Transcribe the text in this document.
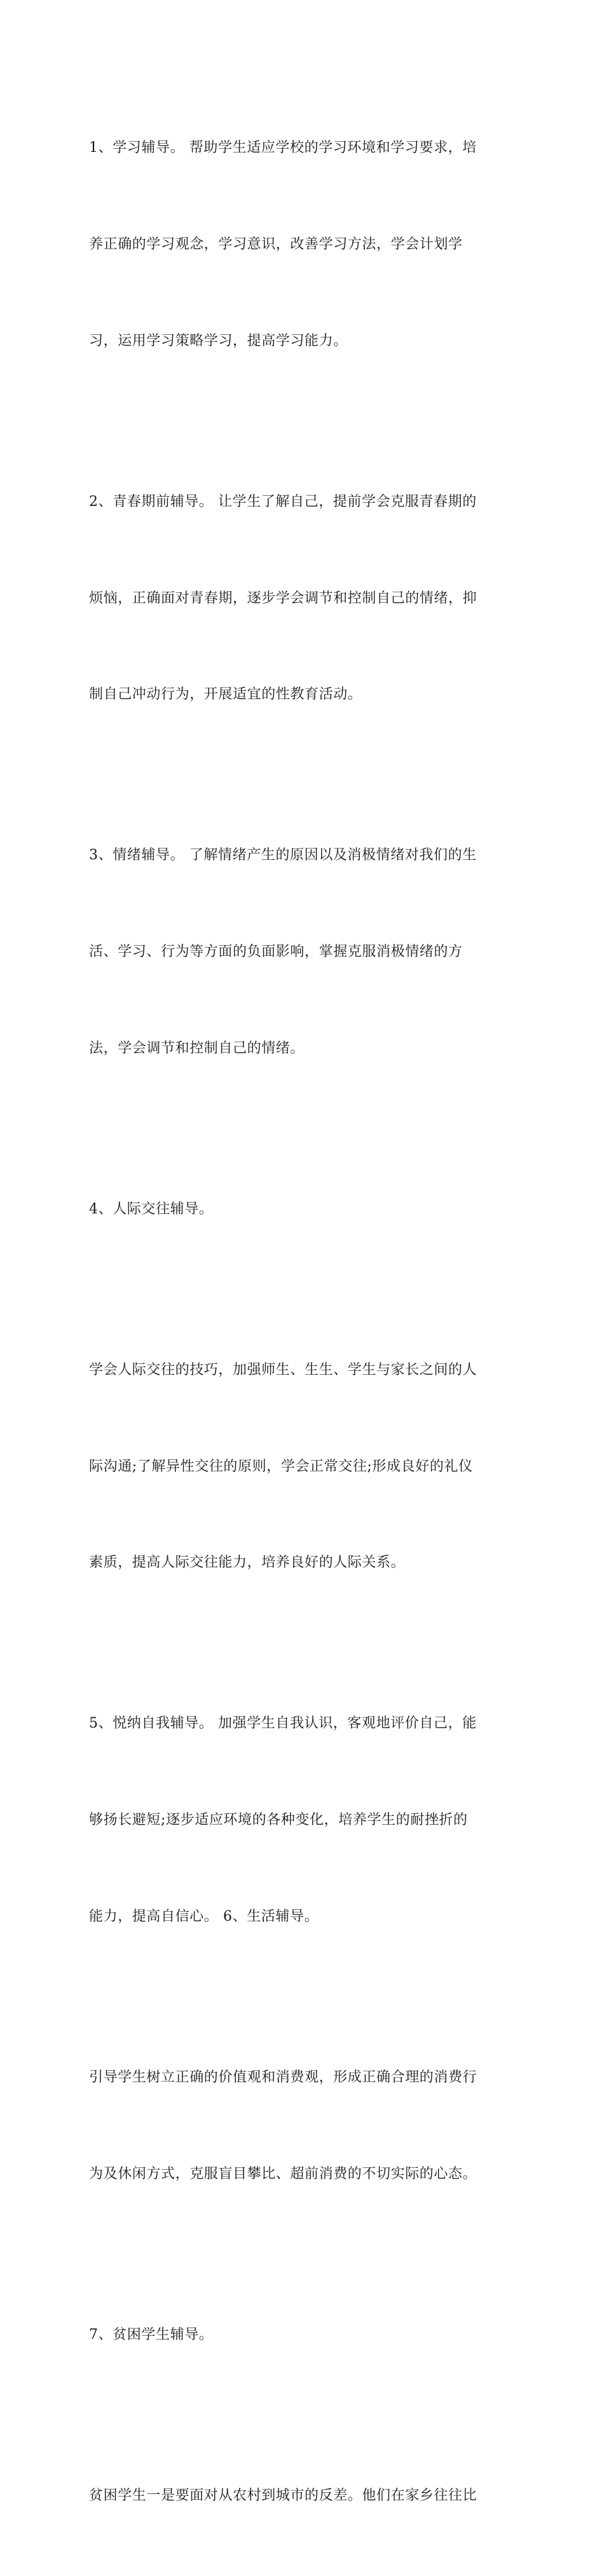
1、学习辅导。 帮助学生适应学校的学习环境和学习要求，培

养正确的学习观念，学习意识，改善学习方法，学会计划学

习，运用学习策略学习，提高学习能力。

2、青春期前辅导。 让学生了解自己，提前学会克服青春期的

烦恼，正确面对青春期，逐步学会调节和控制自己的情绪，抑

制自己冲动行为，开展适宜的性教育活动。

3、情绪辅导。 了解情绪产生的原因以及消极情绪对我们的生

活、学习、行为等方面的负面影响，掌握克服消极情绪的方

法，学会调节和控制自己的情绪。

4、人际交往辅导。

学会人际交往的技巧，加强师生、生生、学生与家长之间的人

际沟通;了解异性交往的原则，学会正常交往;形成良好的礼仪

素质，提高人际交往能力，培养良好的人际关系。

5、悦纳自我辅导。 加强学生自我认识，客观地评价自己，能

够扬长避短;逐步适应环境的各种变化，培养学生的耐挫折的

能力，提高自信心。 6、生活辅导。

引导学生树立正确的价值观和消费观，形成正确合理的消费行

为及休闲方式，克服盲目攀比、超前消费的不切实际的心态。

7、贫困学生辅导。

贫困学生一是要面对从农村到城市的反差。他们在家乡往往比
